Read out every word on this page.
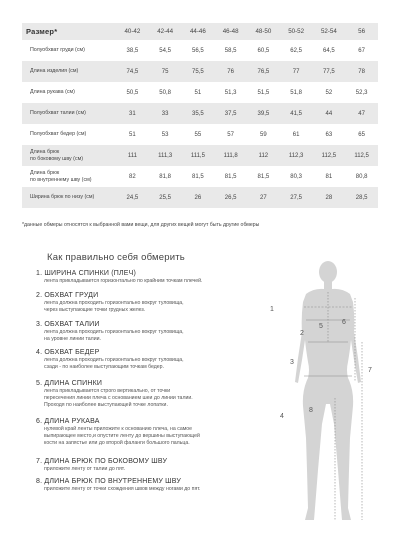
Размер*	40-42	42-44	44-46	46-48	48-50	50-52	52-54	56
Полуобхват груди (см)	38,5	54,5	56,5	58,5	60,5	62,5	64,5	67
Длина изделия (см)	74,5	75	75,5	76	76,5	77	77,5	78
Длина рукава (см)	50,5	50,8	51	51,3	51,5	51,8	52	52,3
Полуобхват талии (см)	31	33	35,5	37,5	39,5	41,5	44	47
Полуобхват бедер (см)	51	53	55	57	59	61	63	65

Длина брюк
по боковому шву (см)	111	111,3	111,5	111,8	112	112,3	112,5	112,5

Длина брюк
по внутреннему шву (см)	82	81,8	81,5	81,5	81,5	80,3	81	80,8
Ширина брюк по низу (см)	24,5	25,5	26	26,5	27	27,5	28	28,5
*данные обмеры относятся к выбранной вами вещи, для других вещей могут быть другие обмеры
Как правильно себя обмерить
1. ШИРИНА СПИНКИ (ПЛЕЧ)
лента прикладывается горизонтально по крайним точкам плечей.
2. ОБХВАТ ГРУДИ
лента должна проходить горизонтально вокруг туловища,
через выступающие точки грудных желез.
3. ОБХВАТ ТАЛИИ
лента должна проходить горизонтально вокруг туловища,
на уровне линии талии.
4. ОБХВАТ БЕДЕР
лента должна проходить горизонтально вокруг туловища,
сзади - по наиболее выступающим точкам бедер.
5. ДЛИНА СПИНКИ
лента прикладывается строго вертикально, от точки
пересечения линии плеча с основанием шеи до линии талии.
Проходя по наиболее выступающей точке лопатки.
6. ДЛИНА РУКАВА
нулевой край ленты приложите к основанию плеча, на самое
выпирающее место,и опустите ленту до вершины выступающей
кости на запястье или до второй фаланги большого пальца.
7. ДЛИНА БРЮК ПО БОКОВОМУ ШВУ
приложите ленту от талии до пят.
8. ДЛИНА БРЮК ПО ВНУТРЕННЕМУ ШВУ
приложите ленту от точки схождения швов между ногами до пят.
1
2
3
4
5
6
7
8
